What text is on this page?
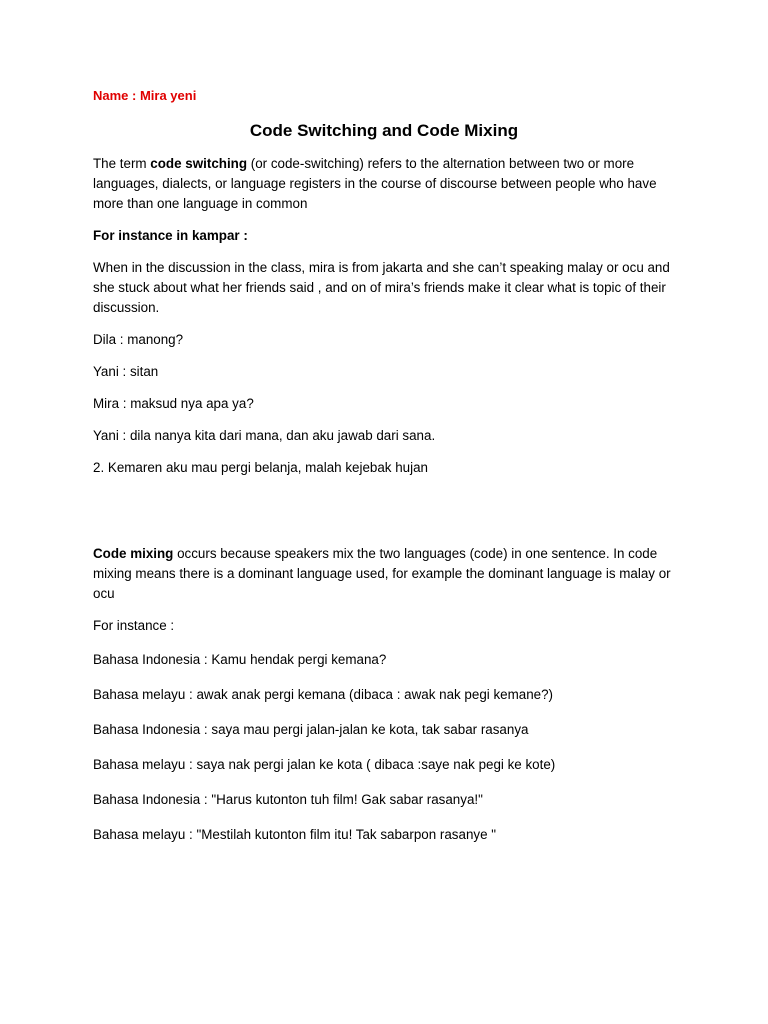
Name : Mira yeni
Code Switching and Code Mixing

The term code switching (or code-switching) refers to the alternation between two or more languages, dialects, or language registers in the course of discourse between people who have more than one language in common

For instance in kampar :

When in the discussion in the class, mira is from jakarta and she can’t speaking malay or ocu and she stuck about what her friends said , and on of mira’s friends make it clear what is topic of their discussion.

Dila : manong?

Yani : sitan

Mira : maksud nya apa ya?

Yani : dila nanya kita dari mana, dan aku jawab dari sana.

2. Kemaren aku mau pergi belanja, malah kejebak hujan

Code mixing occurs because speakers mix the two languages (code) in one sentence. In code mixing means there is a dominant language used, for example the dominant language is malay or ocu

For instance :

Bahasa Indonesia : Kamu hendak pergi kemana?

Bahasa melayu : awak anak pergi kemana (dibaca : awak nak pegi kemane?)

Bahasa Indonesia : saya mau pergi jalan-jalan ke kota, tak sabar rasanya

Bahasa melayu : saya nak pergi jalan ke kota ( dibaca :saye nak pegi ke kote)

Bahasa Indonesia : "Harus kutonton tuh film! Gak sabar rasanya!"

Bahasa melayu : "Mestilah kutonton film itu! Tak sabarpon rasanye "
